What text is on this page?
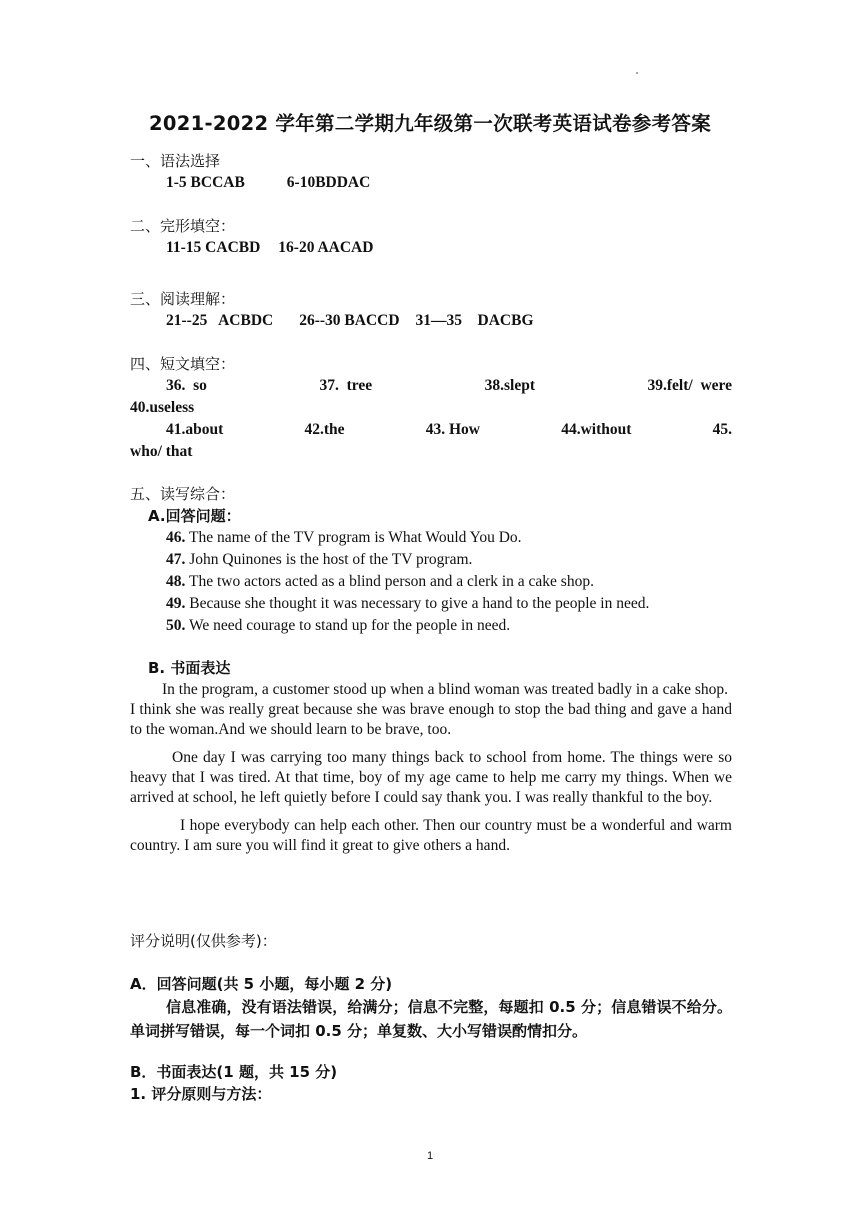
2021-2022 学年第二学期九年级第一次联考英语试卷参考答案
一、语法选择
1-5 BCCAB	6-10BDDAC
二、完形填空：
11-15 CACBD 16-20 AACAD
三、阅读理解：
21--25   ACBDC 26--30 BACCD 31—35    DACBG
四、短文填空：
36.  so	37.  tree	38.slept	39.felt/  were
40.useless
41.about	42.the	43. How	44.without	45.
who/ that
五、读写综合：
A.回答问题：
46. The name of the TV program is What Would You Do.
47. John Quinones is the host of the TV program.
48. The two actors acted as a blind person and a clerk in a cake shop.
49. Because she thought it was necessary to give a hand to the people in need.
50. We need courage to stand up for the people in need.
B. 书面表达
In the program, a customer stood up when a blind woman was treated badly in a cake shop.
I think she was really great because she was brave enough to stop the bad thing and gave a hand to the woman.And we should learn to be brave, too.
One day I was carrying too many things back to school from home. The things were so heavy that I was tired. At that time, boy of my age came to help me carry my things. When we arrived at school, he left quietly before I could say thank you. I was really thankful to the boy.
I hope everybody can help each other. Then our country must be a wonderful and warm country. I am sure you will find it great to give others a hand.
评分说明(仅供参考)：
A．回答问题(共 5 小题，每小题 2 分)
信息准确，没有语法错误，给满分；信息不完整，每题扣 0.5 分；信息错误不给分。单词拼写错误，每一个词扣 0.5 分；单复数、大小写错误酌情扣分。
B．书面表达(1 题，共 15 分)
1. 评分原则与方法：
1
